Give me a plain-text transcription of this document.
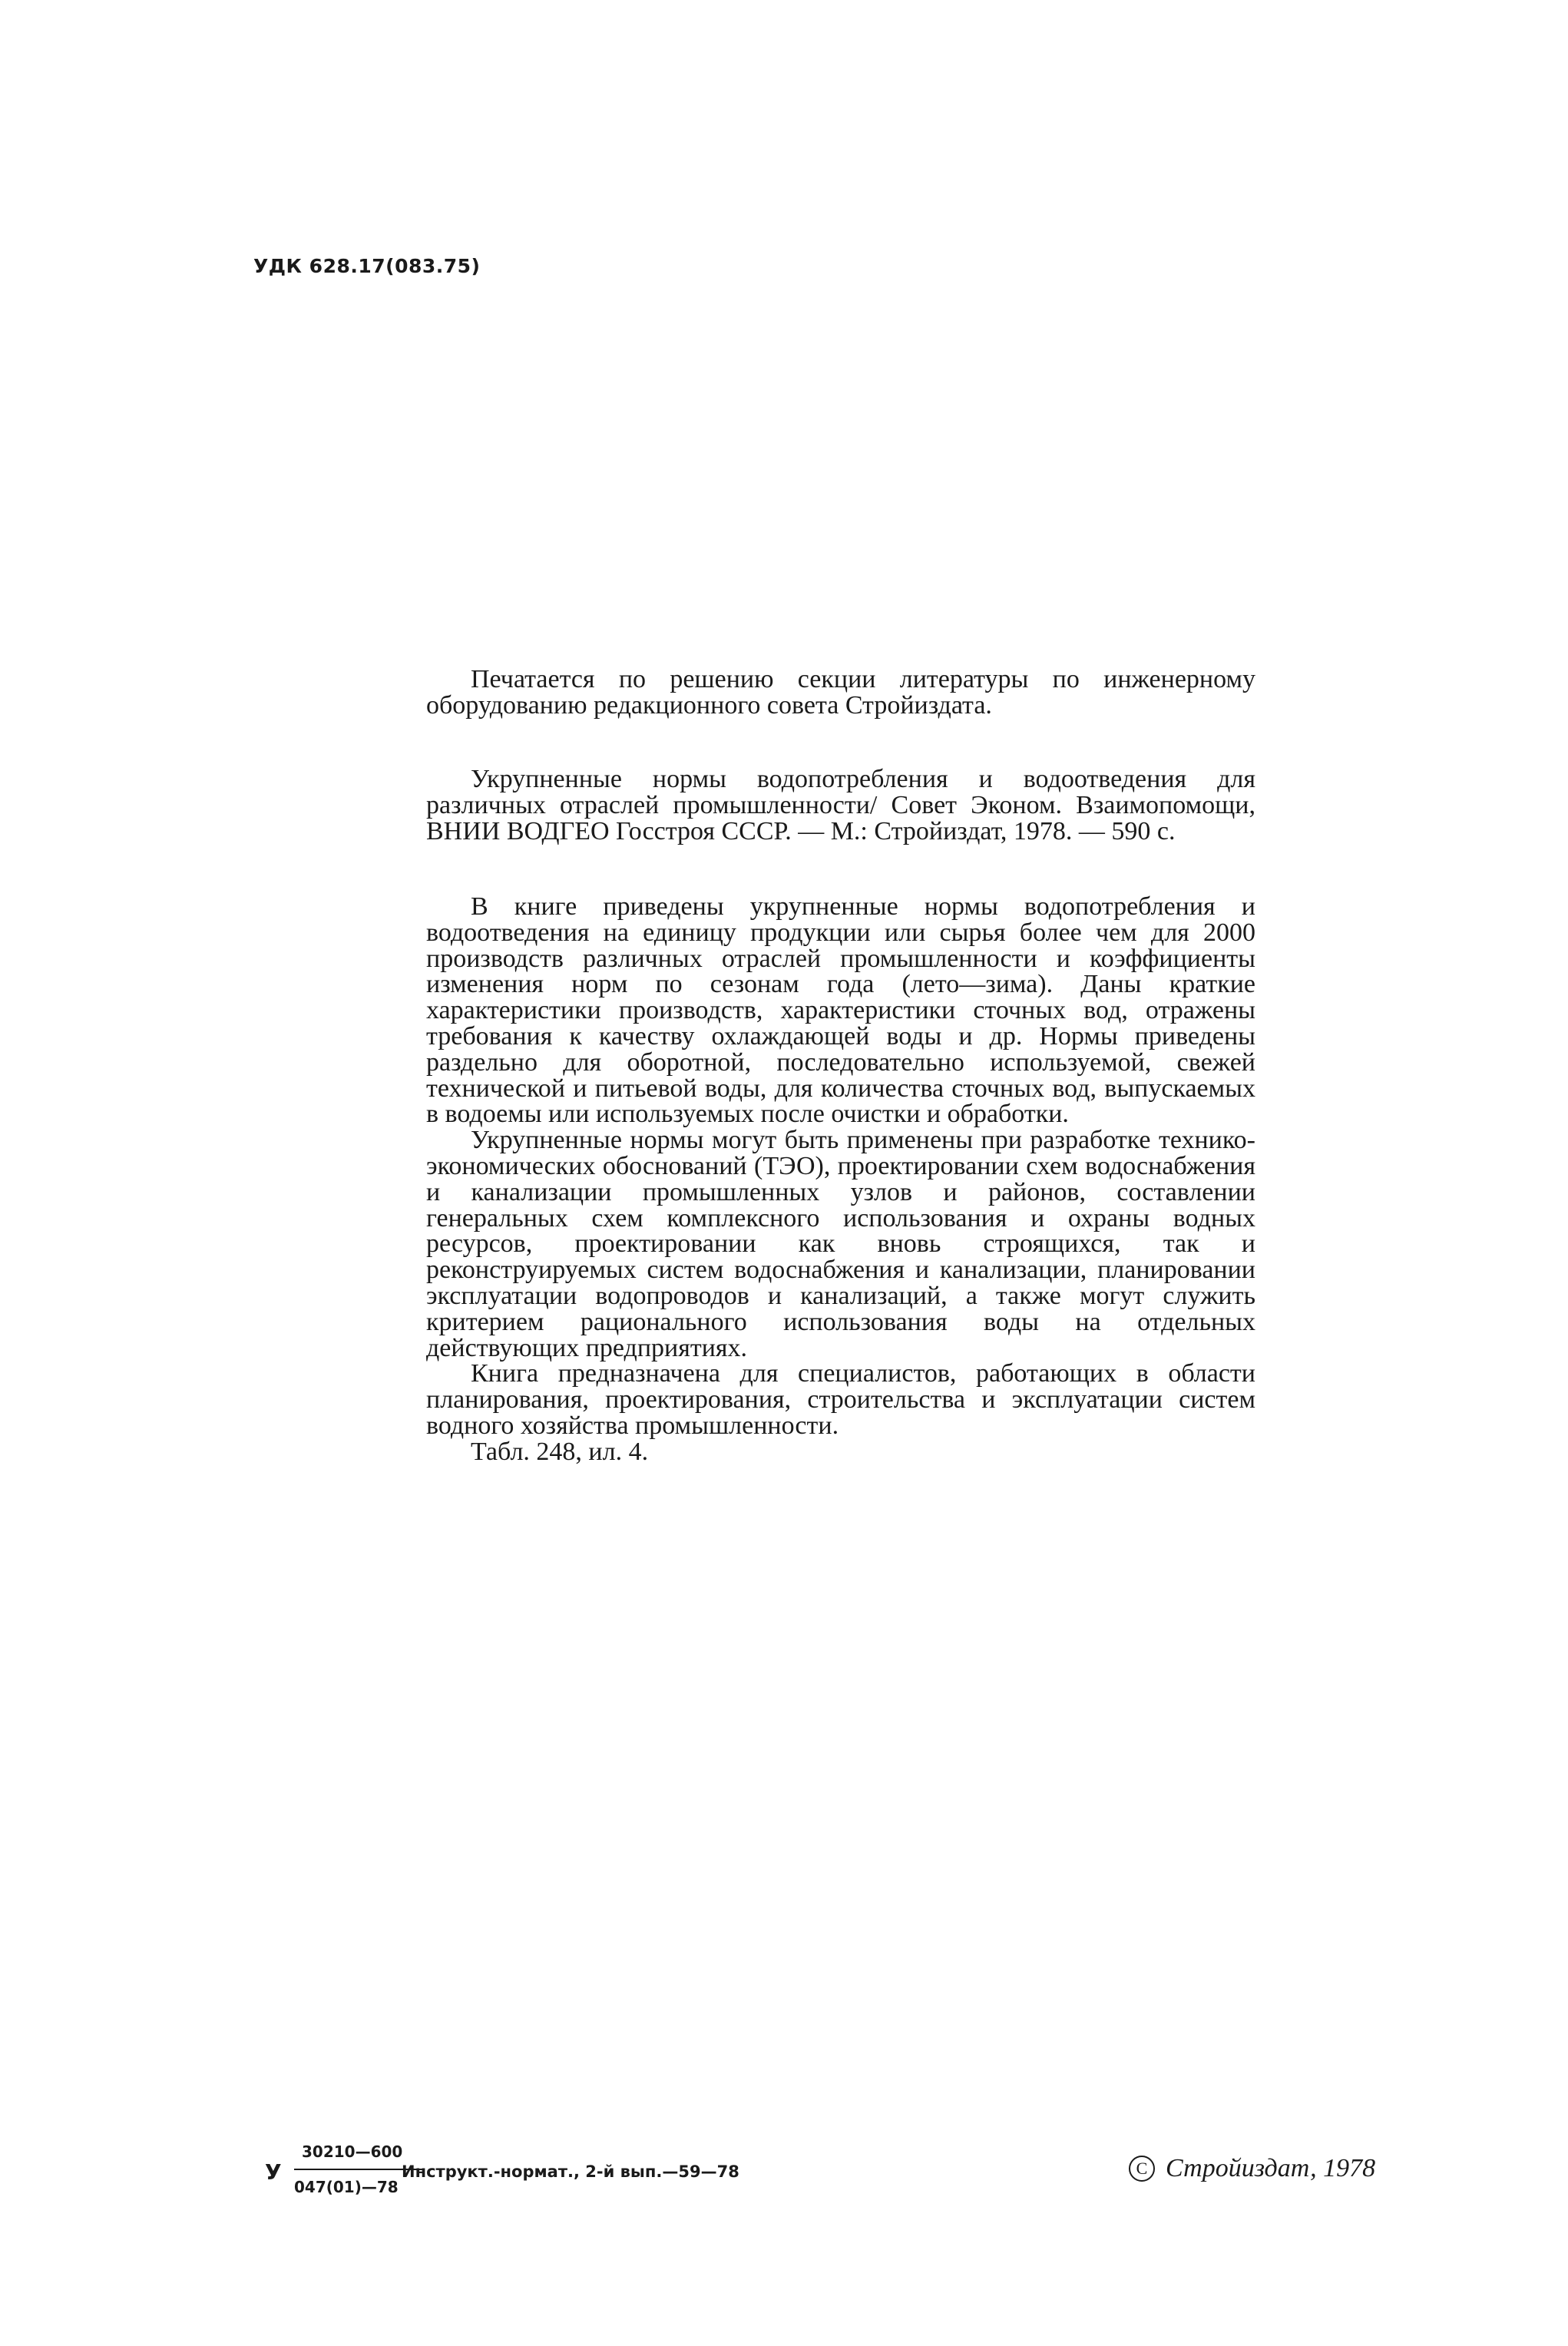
УДК 628.17(083.75)

Печатается по решению секции литературы по инженерному оборудованию редакционного совета Стройиздата.

Укрупненные нормы водопотребления и водоотведения для различных отраслей промышленности/ Совет Эконом. Взаимопомощи, ВНИИ ВОДГЕО Госстроя СССР. — М.: Стройиздат, 1978. — 590 с.

В книге приведены укрупненные нормы водопотребления и водоотведения на единицу продукции или сырья более чем для 2000 производств различных отраслей промышленности и коэффициенты изменения норм по сезонам года (лето—зима). Даны краткие характеристики производств, характеристики сточных вод, отражены требования к качеству охлаждающей воды и др. Нормы приведены раздельно для оборотной, последовательно используемой, свежей технической и питьевой воды, для количества сточных вод, выпускаемых в водоемы или используемых после очистки и обработки.

Укрупненные нормы могут быть применены при разработке технико-экономических обоснований (ТЭО), проектировании схем водоснабжения и канализации промышленных узлов и районов, составлении генеральных схем комплексного использования и охраны водных ресурсов, проектировании как вновь строящихся, так и реконструируемых систем водоснабжения и канализации, планировании эксплуатации водопроводов и канализаций, а также могут служить критерием рационального использования воды на отдельных действующих предприятиях.

Книга предназначена для специалистов, работающих в области планирования, проектирования, строительства и эксплуатации систем водного хозяйства промышленности.

Табл. 248, ил. 4.

У
30210—600
047(01)—78
Инструкт.-нормат., 2-й вып.—59—78	C Стройиздат, 1978
